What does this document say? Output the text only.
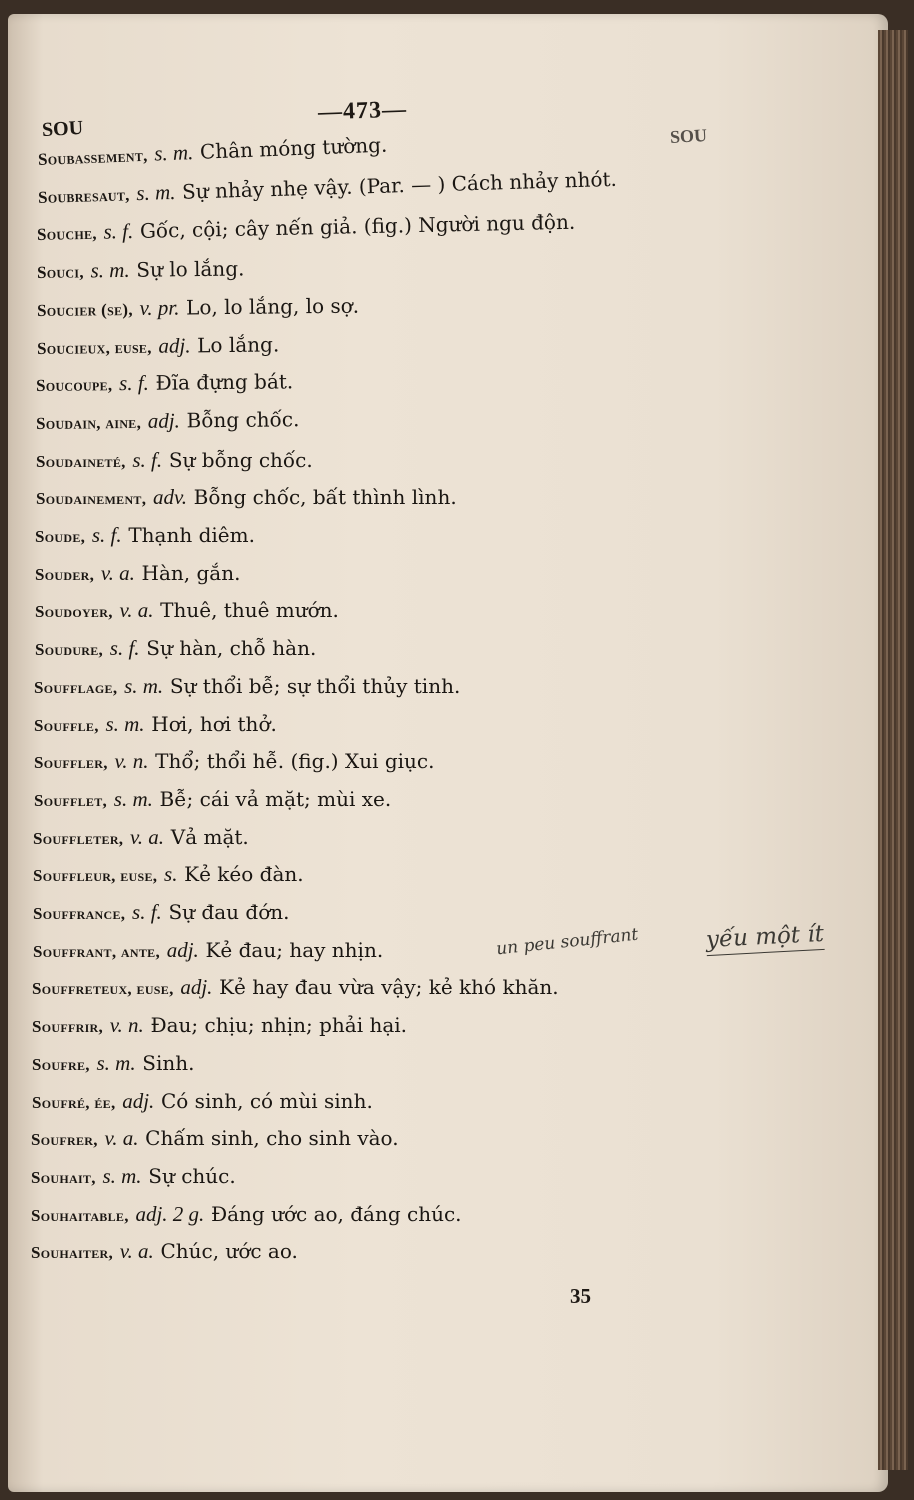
SOU
—473—
SOU
Soubassement, s. m. Chân móng tường.
Soubresaut, s. m. Sự nhảy nhẹ vậy. (Par. — ) Cách nhảy nhót.
Souche, s. f. Gốc, cội; cây nến giả. (fig.) Người ngu độn.
Souci, s. m. Sự lo lắng.
Soucier (se), v. pr. Lo, lo lắng, lo sợ.
Soucieux, euse, adj. Lo lắng.
Soucoupe, s. f. Đĩa đựng bát.
Soudain, aine, adj. Bỗng chốc.
Soudaineté, s. f. Sự bỗng chốc.
Soudainement, adv. Bỗng chốc, bất thình lình.
Soude, s. f. Thạnh diêm.
Souder, v. a. Hàn, gắn.
Soudoyer, v. a. Thuê, thuê mướn.
Soudure, s. f. Sự hàn, chỗ hàn.
Soufflage, s. m. Sự thổi bễ; sự thổi thủy tinh.
Souffle, s. m. Hơi, hơi thở.
Souffler, v. n. Thổ; thổi hễ. (fig.) Xui giục.
Soufflet, s. m. Bễ; cái vả mặt; mùi xe.
Souffleter, v. a. Vả mặt.
Souffleur, euse, s. Kẻ kéo đàn.
Souffrance, s. f. Sự đau đớn.
Souffrant, ante, adj. Kẻ đau; hay nhịn.
Souffreteux, euse, adj. Kẻ hay đau vừa vậy; kẻ khó khăn.
Souffrir, v. n. Đau; chịu; nhịn; phải hại.
Soufre, s. m. Sinh.
Soufré, ée, adj. Có sinh, có mùi sinh.
Soufrer, v. a. Chấm sinh, cho sinh vào.
Souhait, s. m. Sự chúc.
Souhaitable, adj. 2 g. Đáng ước ao, đáng chúc.
Souhaiter, v. a. Chúc, ước ao.
un peu souffrant	yếu một ít
35
